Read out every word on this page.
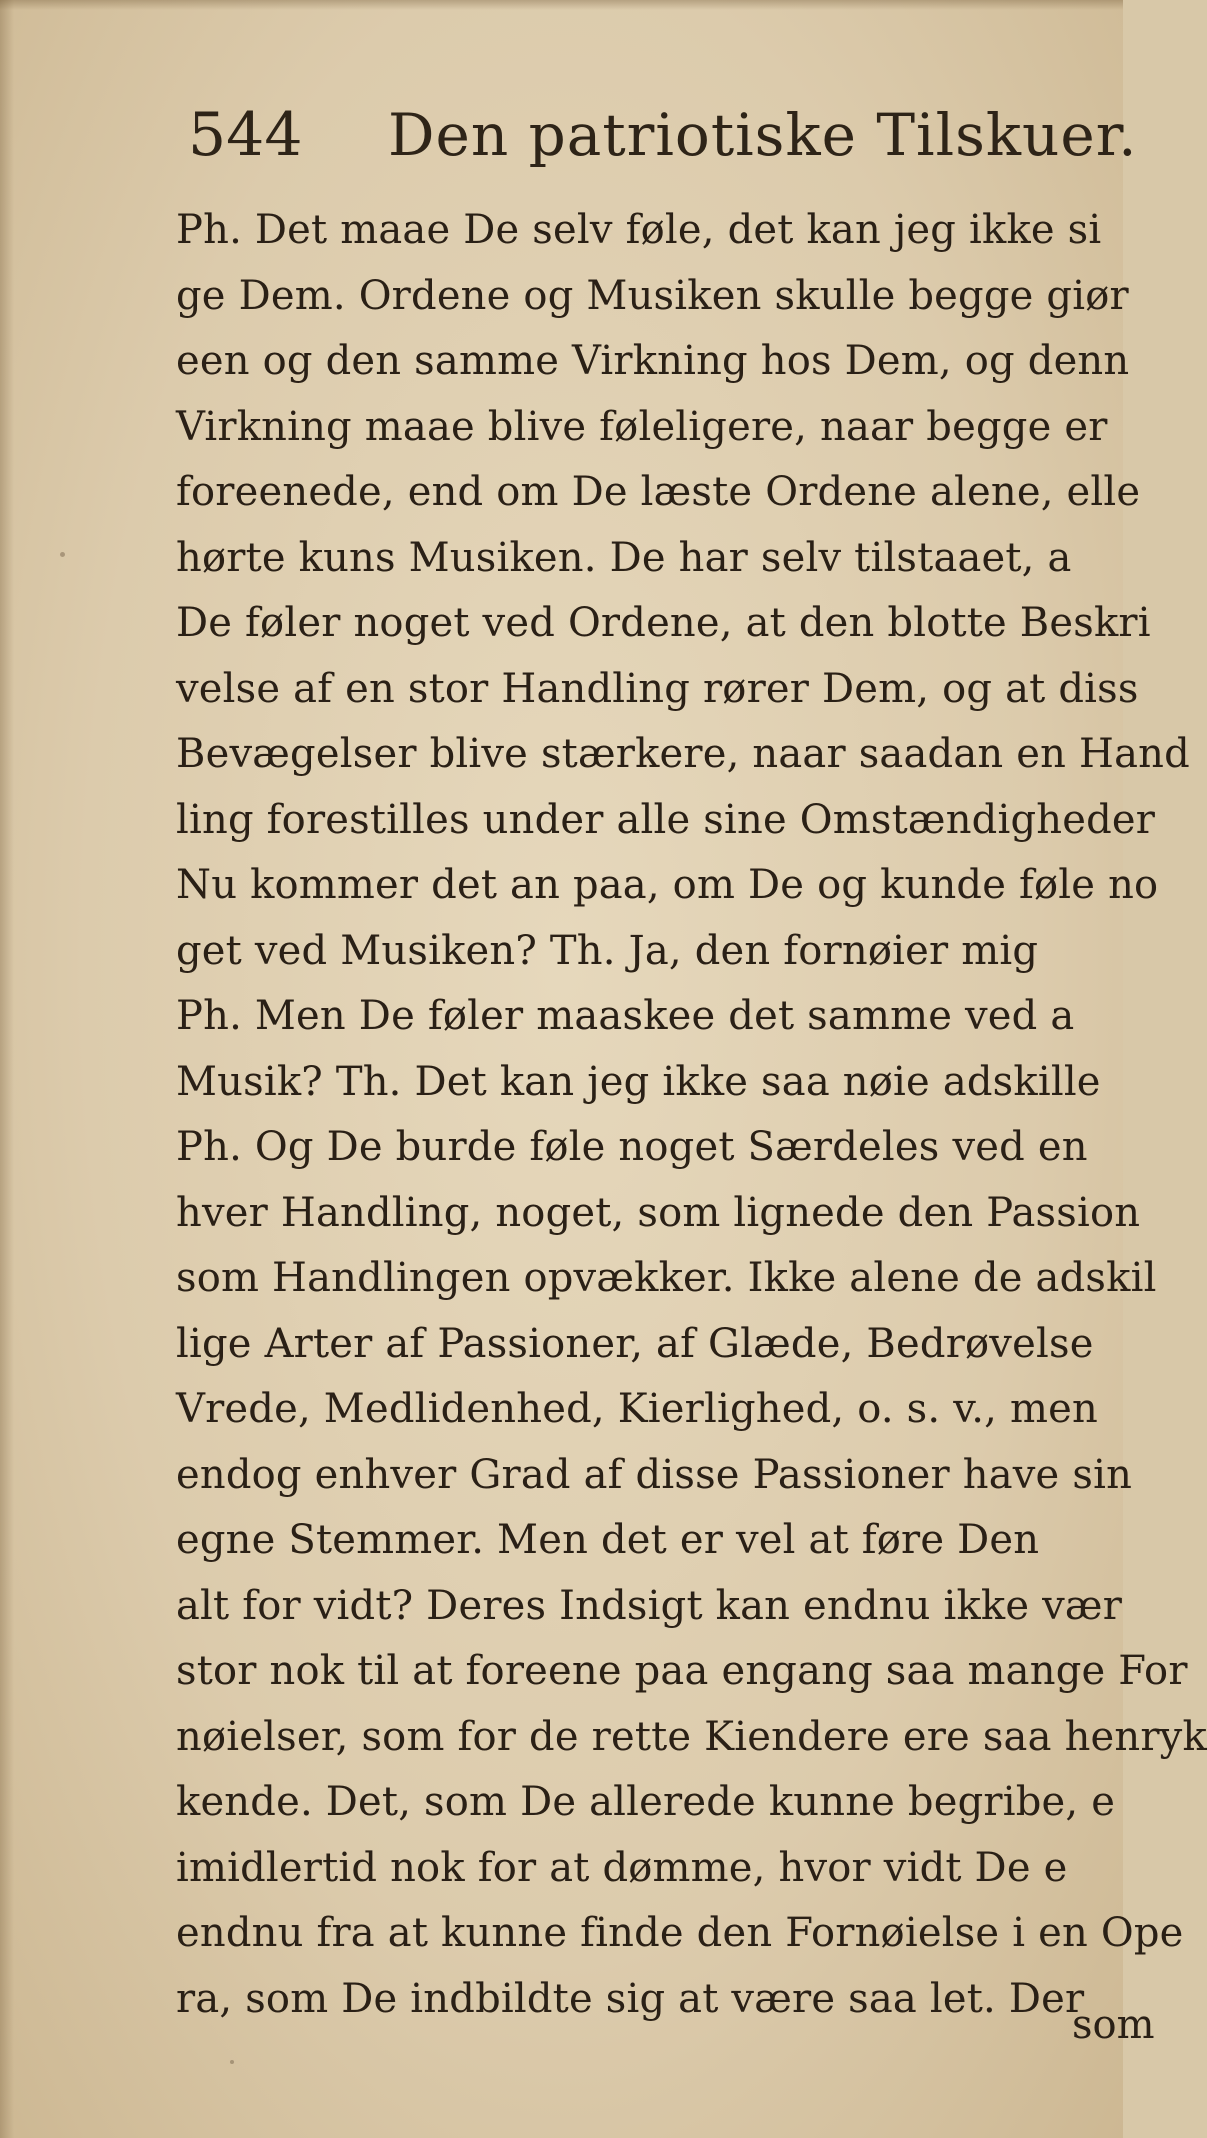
544 Den patriotiske Tilskuer.
Ph. Det maae De selv føle, det kan jeg ikke si
ge Dem. Ordene og Musiken skulle begge giør
een og den samme Virkning hos Dem, og denn
Virkning maae blive føleligere, naar begge er
foreenede, end om De læste Ordene alene, elle
hørte kuns Musiken. De har selv tilstaaet, a
De føler noget ved Ordene, at den blotte Beskri
velse af en stor Handling rører Dem, og at diss
Bevægelser blive stærkere, naar saadan en Hand
ling forestilles under alle sine Omstændigheder
Nu kommer det an paa, om De og kunde føle no
get ved Musiken? Th. Ja, den fornøier mig
Ph. Men De føler maaskee det samme ved a
Musik? Th. Det kan jeg ikke saa nøie adskille
Ph. Og De burde føle noget Særdeles ved en
hver Handling, noget, som lignede den Passion
som Handlingen opvækker. Ikke alene de adskil
lige Arter af Passioner, af Glæde, Bedrøvelse
Vrede, Medlidenhed, Kierlighed, o. s. v., men
endog enhver Grad af disse Passioner have sin
egne Stemmer. Men det er vel at føre Den
alt for vidt? Deres Indsigt kan endnu ikke vær
stor nok til at foreene paa engang saa mange For
nøielser, som for de rette Kiendere ere saa henryk
kende. Det, som De allerede kunne begribe, e
imidlertid nok for at dømme, hvor vidt De e
endnu fra at kunne finde den Fornøielse i en Ope
ra, som De indbildte sig at være saa let. Der
som
